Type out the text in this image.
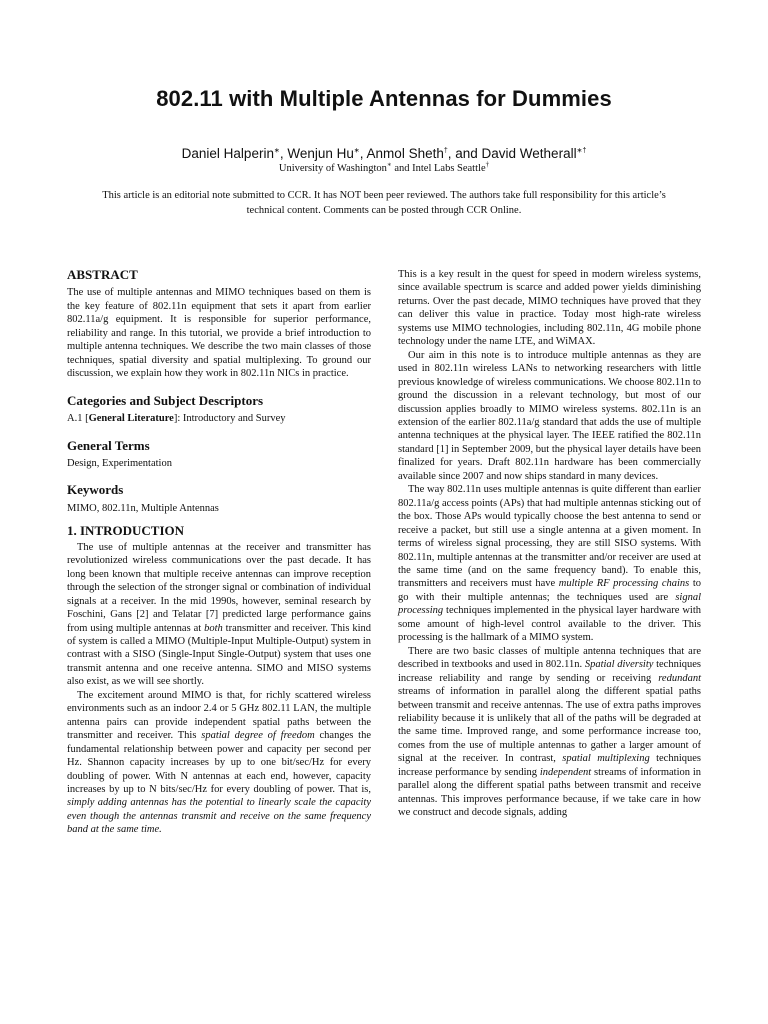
802.11 with Multiple Antennas for Dummies
Daniel Halperin∗, Wenjun Hu∗, Anmol Sheth†, and David Wetherall∗†
University of Washington∗ and Intel Labs Seattle†
This article is an editorial note submitted to CCR. It has NOT been peer reviewed. The authors take full responsibility for this article’s technical content. Comments can be posted through CCR Online.
ABSTRACT

The use of multiple antennas and MIMO techniques based on them is the key feature of 802.11n equipment that sets it apart from earlier 802.11a/g equipment. It is responsible for superior performance, reliability and range. In this tutorial, we provide a brief introduction to multiple antenna techniques. We describe the two main classes of those techniques, spatial diversity and spatial multiplexing. To ground our discussion, we explain how they work in 802.11n NICs in practice.

Categories and Subject Descriptors

A.1 [General Literature]: Introductory and Survey

General Terms

Design, Experimentation

Keywords

MIMO, 802.11n, Multiple Antennas

1. INTRODUCTION

The use of multiple antennas at the receiver and transmitter has revolutionized wireless communications over the past decade. It has long been known that multiple receive antennas can improve reception through the selection of the stronger signal or combination of individual signals at a receiver. In the mid 1990s, however, seminal research by Foschini, Gans [2] and Telatar [7] predicted large performance gains from using multiple antennas at both transmitter and receiver. This kind of system is called a MIMO (Multiple-Input Multiple-Output) system in contrast with a SISO (Single-Input Single-Output) system that uses one transmit antenna and one receive antenna. SIMO and MISO systems also exist, as we will see shortly.

The excitement around MIMO is that, for richly scattered wireless environments such as an indoor 2.4 or 5 GHz 802.11 LAN, the multiple antenna pairs can provide independent spatial paths between the transmitter and receiver. This spatial degree of freedom changes the fundamental relationship between power and capacity per second per Hz. Shannon capacity increases by up to one bit/sec/Hz for every doubling of power. With N antennas at each end, however, capacity increases by up to N bits/sec/Hz for every doubling of power. That is, simply adding antennas has the potential to linearly scale the capacity even though the antennas transmit and receive on the same frequency band at the same time.

This is a key result in the quest for speed in modern wireless systems, since available spectrum is scarce and added power yields diminishing returns. Over the past decade, MIMO techniques have proved that they can deliver this value in practice. Today most high-rate wireless systems use MIMO technologies, including 802.11n, 4G mobile phone technology under the name LTE, and WiMAX.

Our aim in this note is to introduce multiple antennas as they are used in 802.11n wireless LANs to networking researchers with little previous knowledge of wireless communications. We choose 802.11n to ground the discussion in a relevant technology, but most of our discussion applies broadly to MIMO wireless systems. 802.11n is an extension of the earlier 802.11a/g standard that adds the use of multiple antenna techniques at the physical layer. The IEEE ratified the 802.11n standard [1] in September 2009, but the physical layer details have been finalized for years. Draft 802.11n hardware has been commercially available since 2007 and now ships standard in many devices.

The way 802.11n uses multiple antennas is quite different than earlier 802.11a/g access points (APs) that had multiple antennas sticking out of the box. Those APs would typically choose the best antenna to send or receive a packet, but still use a single antenna at a given moment. In terms of wireless signal processing, they are still SISO systems. With 802.11n, multiple antennas at the transmitter and/or receiver are used at the same time (and on the same frequency band). To enable this, transmitters and receivers must have multiple RF processing chains to go with their multiple antennas; the techniques used are signal processing techniques implemented in the physical layer hardware with some amount of high-level control available to the driver. This processing is the hallmark of a MIMO system.

There are two basic classes of multiple antenna techniques that are described in textbooks and used in 802.11n. Spatial diversity techniques increase reliability and range by sending or receiving redundant streams of information in parallel along the different spatial paths between transmit and receive antennas. The use of extra paths improves reliability because it is unlikely that all of the paths will be degraded at the same time. Improved range, and some performance increase too, comes from the use of multiple antennas to gather a larger amount of signal at the receiver. In contrast, spatial multiplexing techniques increase performance by sending independent streams of information in parallel along the different spatial paths between transmit and receive antennas. This improves performance because, if we take care in how we construct and decode signals, adding
